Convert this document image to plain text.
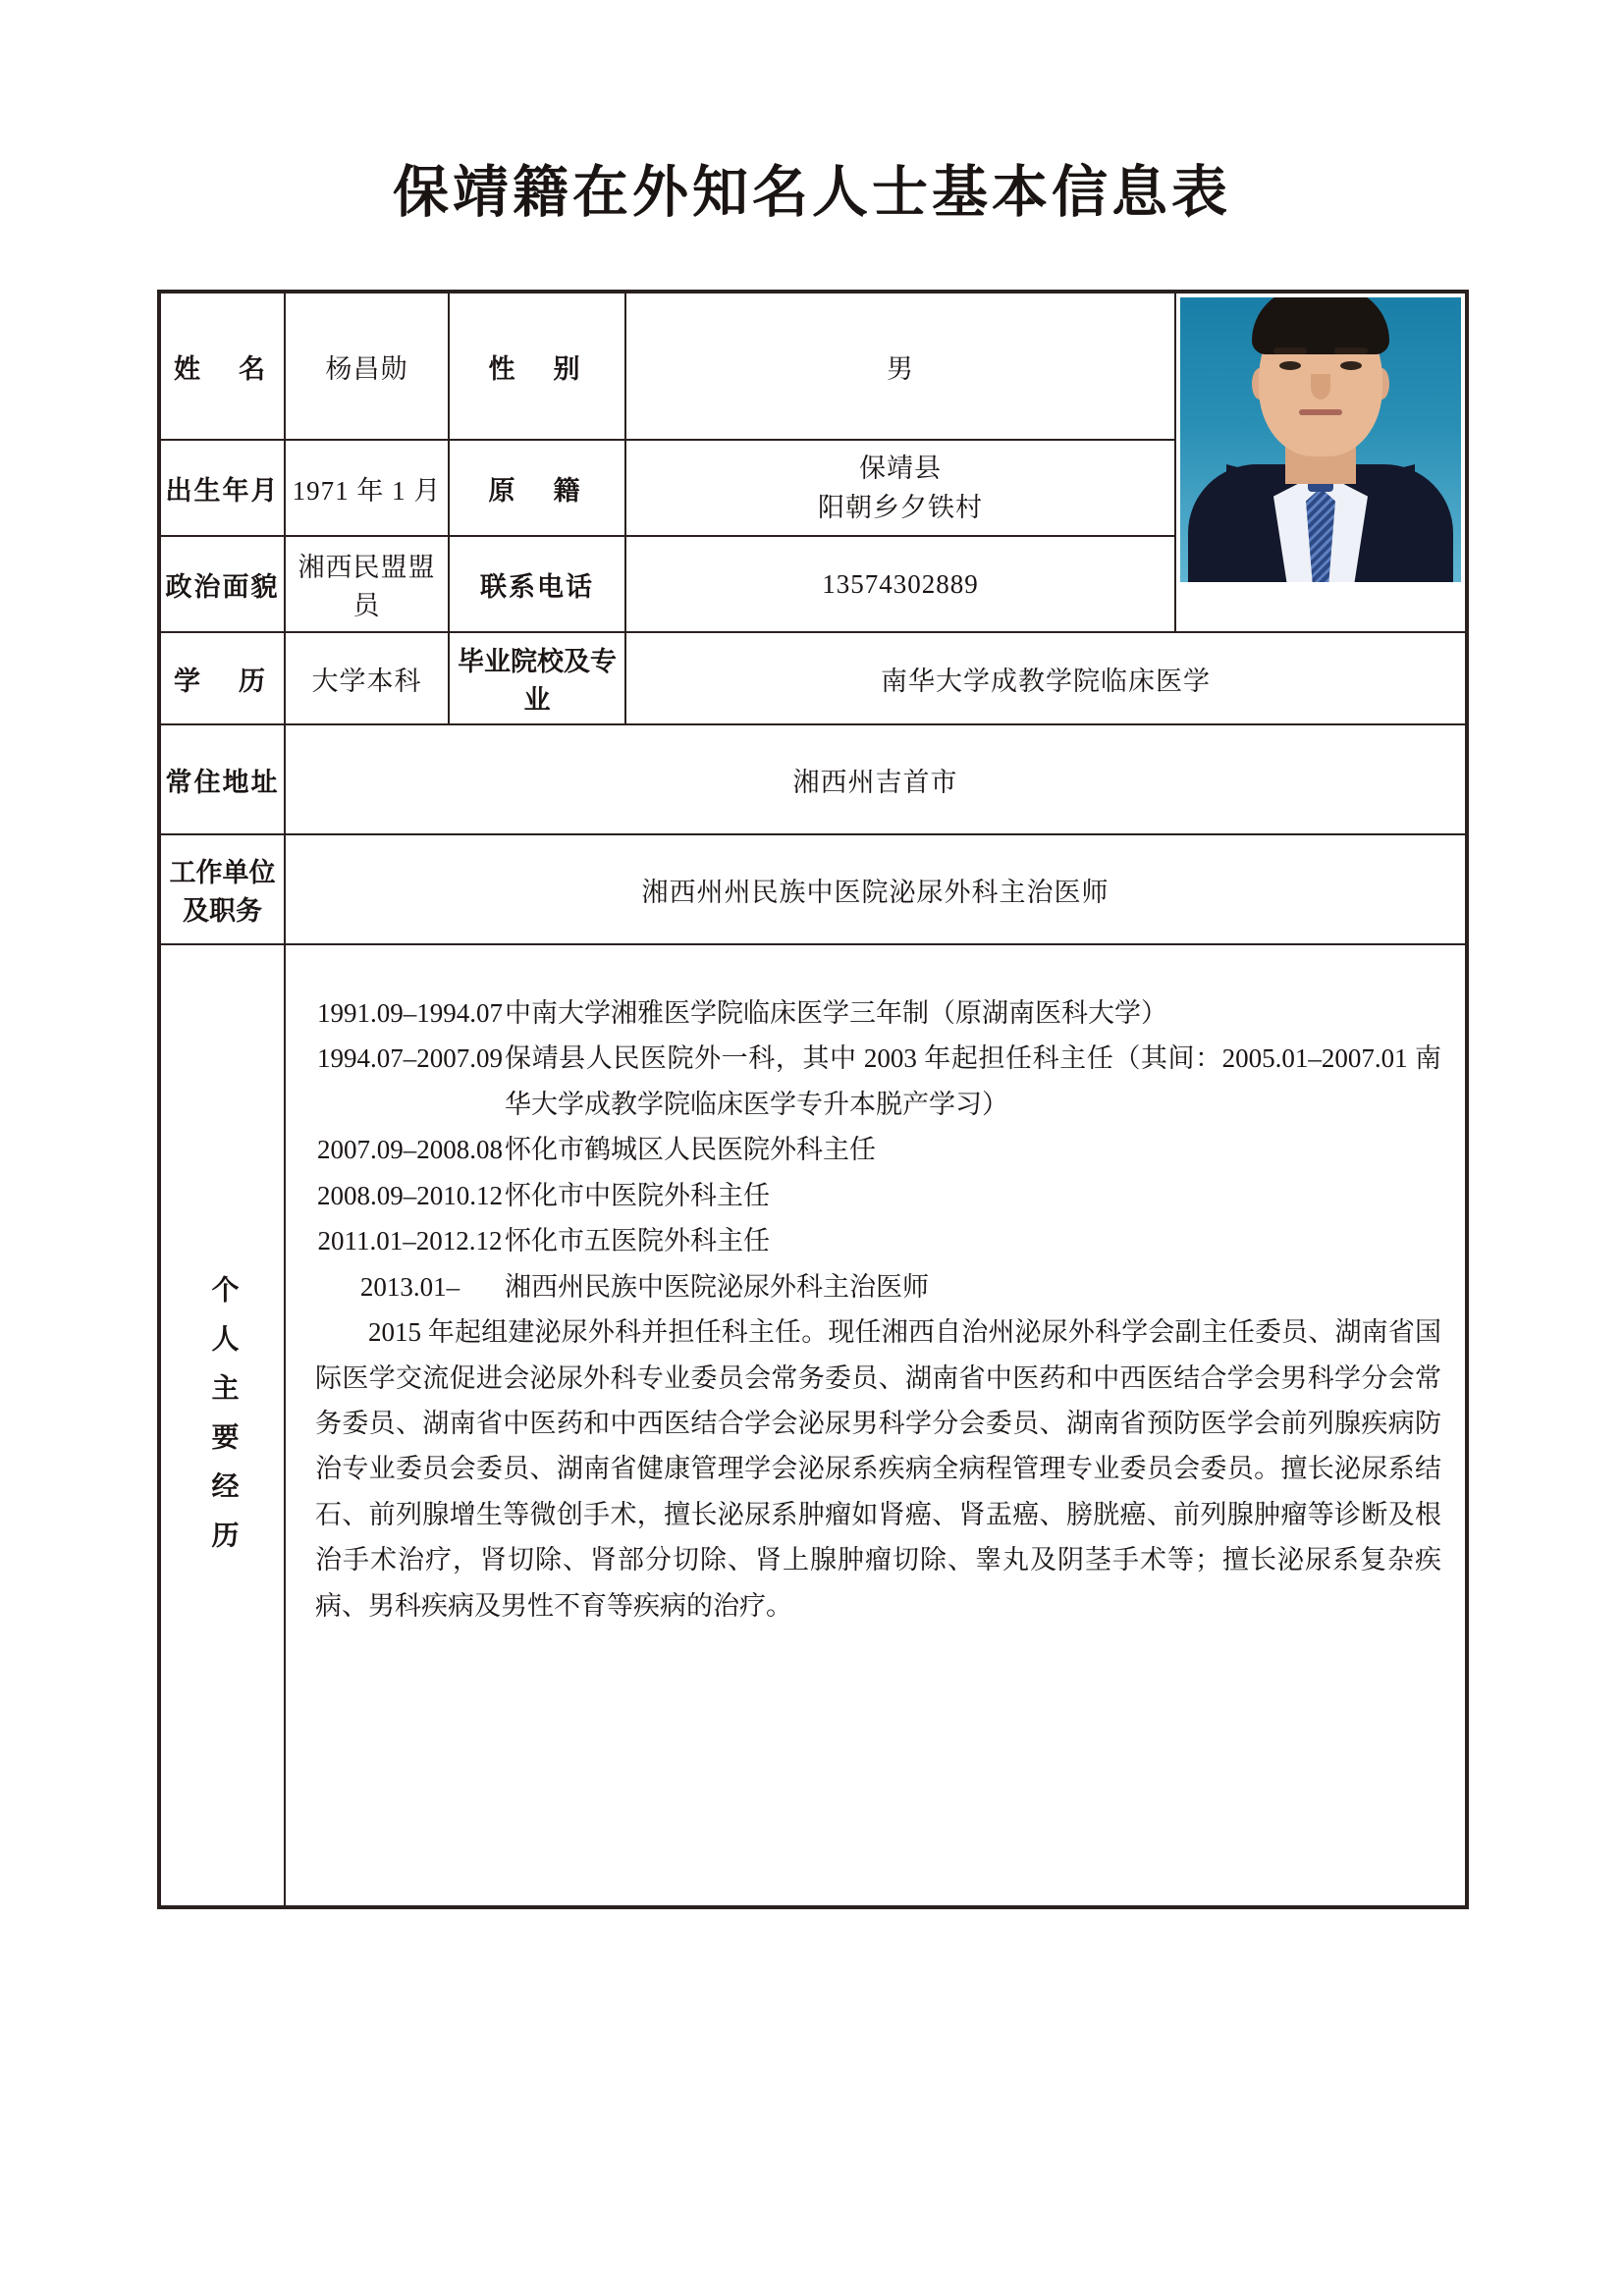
保靖籍在外知名人士基本信息表
姓　名	杨昌勋	性　别	男	

出生年月	1971 年 1 月	原　籍	保靖县
阳朝乡夕铁村	

政治面貌	湘西民盟盟员	联系电话	13574302889	
学　历	大学本科	毕业院校及专业	南华大学成教学院临床医学	
常住地址	湘西州吉首市			
工作单位及职务	湘西州州民族中医院泌尿外科主治医师			
个人主要经历	
1991.09–1994.07 中南大学湘雅医学院临床医学三年制（原湖南医科大学）
1994.07–2007.09 保靖县人民医院外一科，其中 2003 年起担任科主任（其间：2005.01–2007.01 南华大学成教学院临床医学专升本脱产学习）
2007.09–2008.08 怀化市鹤城区人民医院外科主任
2008.09–2010.12 怀化市中医院外科主任
2011.01–2012.12 怀化市五医院外科主任
2013.01–	湘西州民族中医院泌尿外科主治医师
2015 年起组建泌尿外科并担任科主任。现任湘西自治州泌尿外科学会副主任委员、湖南省国际医学交流促进会泌尿外科专业委员会常务委员、湖南省中医药和中西医结合学会男科学分会常务委员、湖南省中医药和中西医结合学会泌尿男科学分会委员、湖南省预防医学会前列腺疾病防治专业委员会委员、湖南省健康管理学会泌尿系疾病全病程管理专业委员会委员。擅长泌尿系结石、前列腺增生等微创手术，擅长泌尿系肿瘤如肾癌、肾盂癌、膀胱癌、前列腺肿瘤等诊断及根治手术治疗，肾切除、肾部分切除、肾上腺肿瘤切除、睾丸及阴茎手术等；擅长泌尿系复杂疾病、男科疾病及男性不育等疾病的治疗。
